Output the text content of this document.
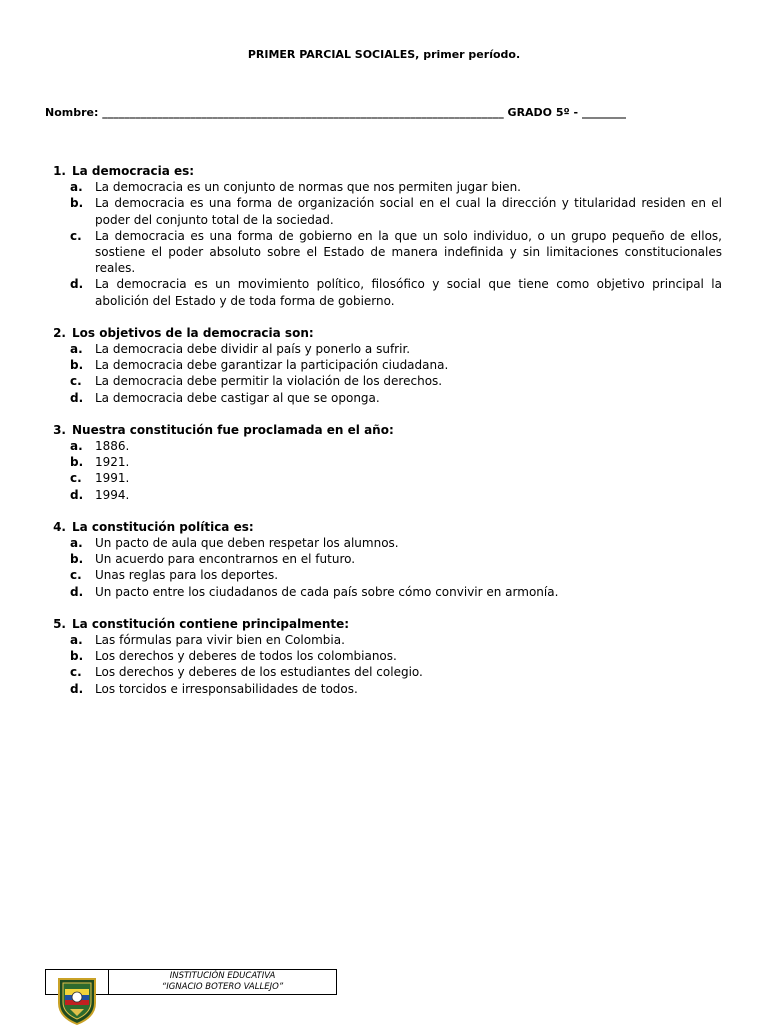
PRIMER PARCIAL SOCIALES, primer período.
Nombre: _________________________________________________________________________ GRADO 5º - ________
1. La democracia es:
a.	La democracia es un conjunto de normas que nos permiten jugar bien.
b. La democracia es una forma de organización social en el cual la dirección y titularidad residen en el poder del conjunto total de la sociedad.
c.	La democracia es una forma de gobierno en la que un solo individuo, o un grupo pequeño de ellos, sostiene el poder absoluto sobre el Estado de manera indefinida y sin limitaciones constitucionales reales.
d. La democracia es un movimiento político, filosófico y social que tiene como objetivo principal la abolición del Estado y de toda forma de gobierno.
2. Los objetivos de la democracia son:
a.	La democracia debe dividir al país y ponerlo a sufrir.
b. La democracia debe garantizar la participación ciudadana.
c.	La democracia debe permitir la violación de los derechos.
d. La democracia debe castigar al que se oponga.
3. Nuestra constitución fue proclamada en el año:
a.	1886.
b. 1921.
c.	1991.
d. 1994.
4. La constitución política es:
a.	Un pacto de aula que deben respetar los alumnos.
b. Un acuerdo para encontrarnos en el futuro.
c.	Unas reglas para los deportes.
d. Un pacto entre los ciudadanos de cada país sobre cómo convivir en armonía.
5. La constitución contiene principalmente:
a.	Las fórmulas para vivir bien en Colombia.
b. Los derechos y deberes de todos los colombianos.
c.	Los derechos y deberes de los estudiantes del colegio.
d. Los torcidos e irresponsabilidades de todos.
INSTITUCIÓN EDUCATIVA
“IGNACIO BOTERO VALLEJO”
